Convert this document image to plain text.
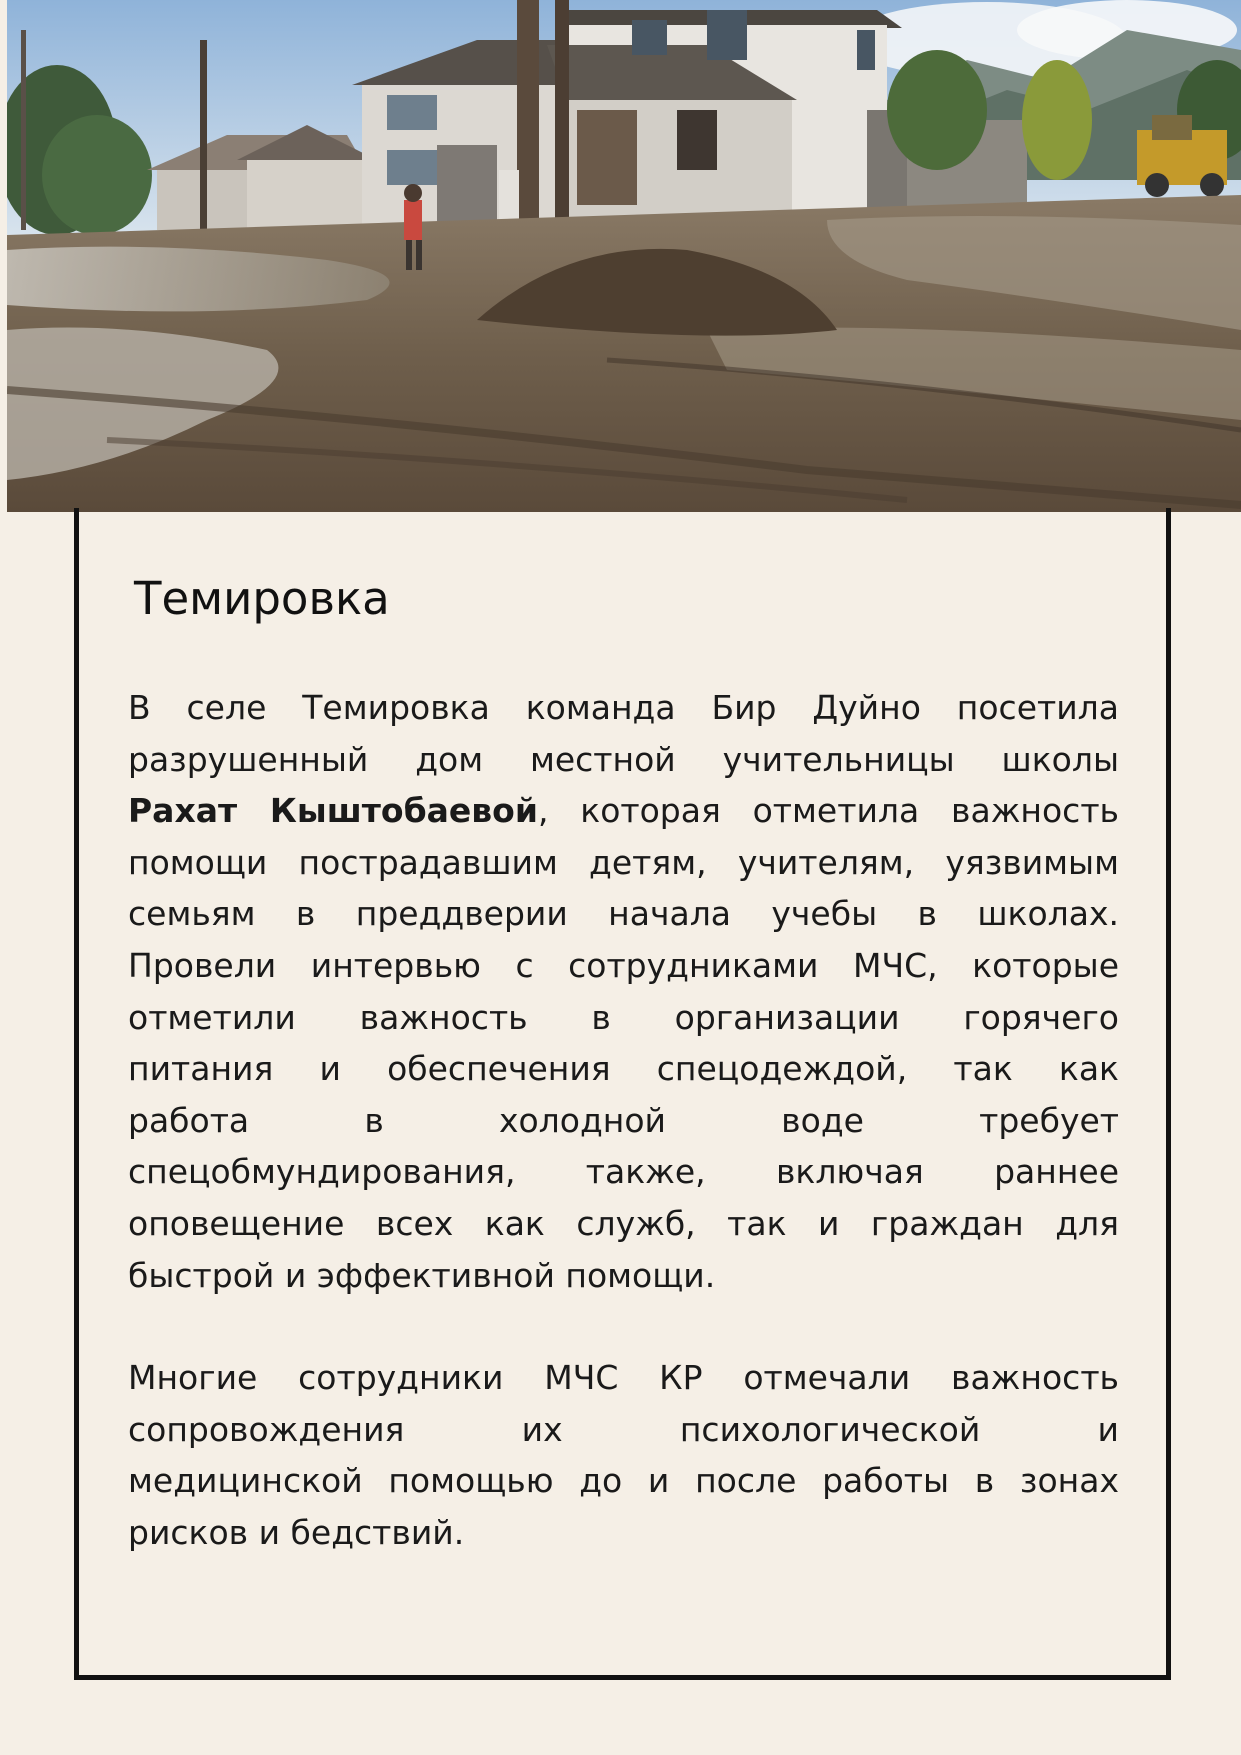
Темировка
В селе Темировка команда Бир Дуйно посетила
разрушенный дом местной учительницы школы
Рахат Кыштобаевой, которая отметила важность
помощи пострадавшим детям, учителям, уязвимым
семьям в преддверии начала учебы в школах.
Провели интервью с сотрудниками МЧС, которые
отметили важность в организации горячего
питания и обеспечения спецодеждой, так как
работа в холодной воде требует
спецобмундирования, также, включая раннее
оповещение всех как служб, так и граждан для
быстрой и эффективной помощи.
Многие сотрудники МЧС КР отмечали важность
сопровождения их психологической и
медицинской помощью до и после работы в зонах
рисков и бедствий.
